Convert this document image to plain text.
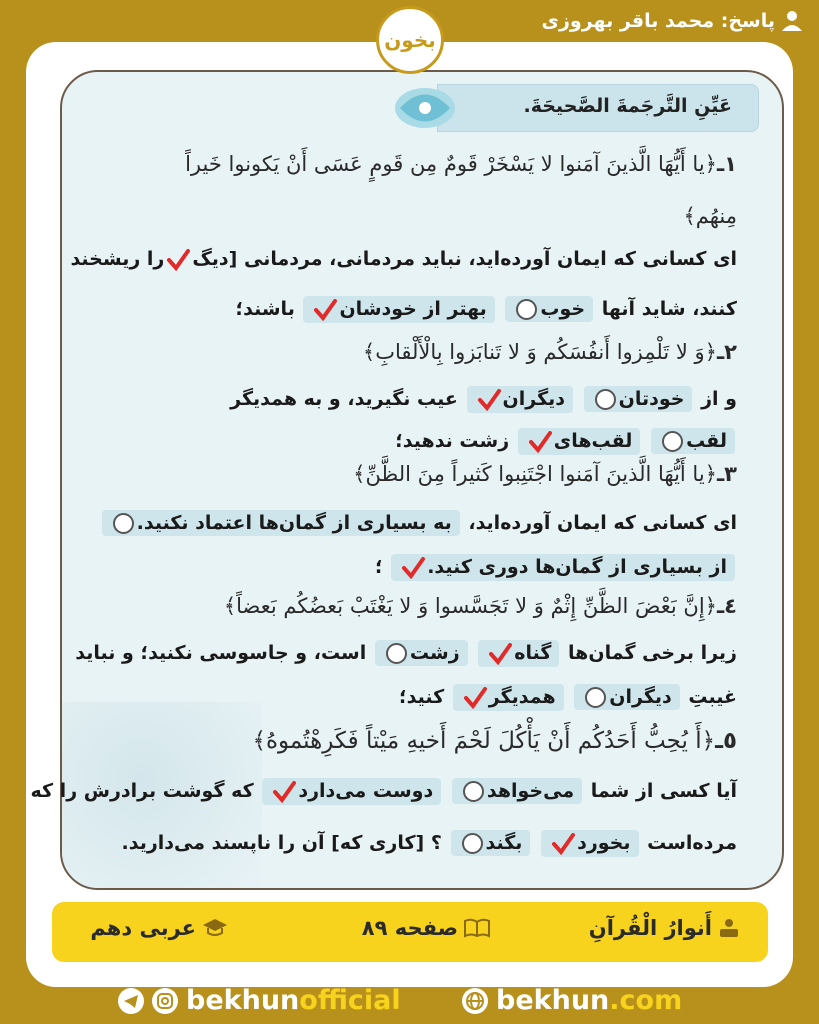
پاسخ: محمد باقر بهروزی
بخون
عَيِّنِ التَّرجَمةَ الصَّحيحَةَ.
١ـ﴿يا أَيُّهَا الَّذينَ آمَنوا لا يَسْخَرْ قَومٌ مِن قَومٍ عَسَى أَنْ يَكونوا خَيراً
مِنهُم﴾
ای کسانی که ایمان آورده‌اید، نباید مردمانی، مردمانی [دیگرا ریشخند
کنند، شاید آنها خوب بهتر از خودشان باشند؛
٢ـ﴿وَ لا تَلْمِزوا أَنفُسَكُم وَ لا تَنابَزوا بِالْأَلْقابِ﴾
و از خودتان دیگران عیب نگیرید، و به همدیگر
لقب لقب‌های زشت ندهید؛
٣ـ﴿يا أَيُّهَا الَّذينَ آمَنوا اجْتَنِبوا كَثيراً مِنَ الظَّنِّ﴾
ای کسانی که ایمان آورده‌اید، به بسیاری از گمان‌ها اعتماد نکنید.
از بسیاری از گمان‌ها دوری کنید. ؛
٤ـ﴿إِنَّ بَعْضَ الظَّنِّ إِثْمٌ وَ لا تَجَسَّسوا وَ لا يَغْتَبْ بَعضُكُم بَعضاً﴾
زیرا برخی گمان‌ها گناه زشت است، و جاسوسی نکنید؛ و نباید
غیبتِ دیگران همدیگر کنید؛
٥ـ﴿أَ يُحِبُّ أَحَدُكُم أَنْ يَأْكُلَ لَحْمَ أَخيهِ مَيْتاً فَكَرِهْتُموهُ﴾
آیا کسی از شما می‌خواهد دوست می‌دارد که گوشت برادرش را که
مرده‌است بخورد بگند ؟ [کاری که] آن را ناپسند می‌دارید.
أَنوارُ الْقُرآنِ
صفحه ٨٩
عربی دهم
bekhunofficial	bekhun.com
